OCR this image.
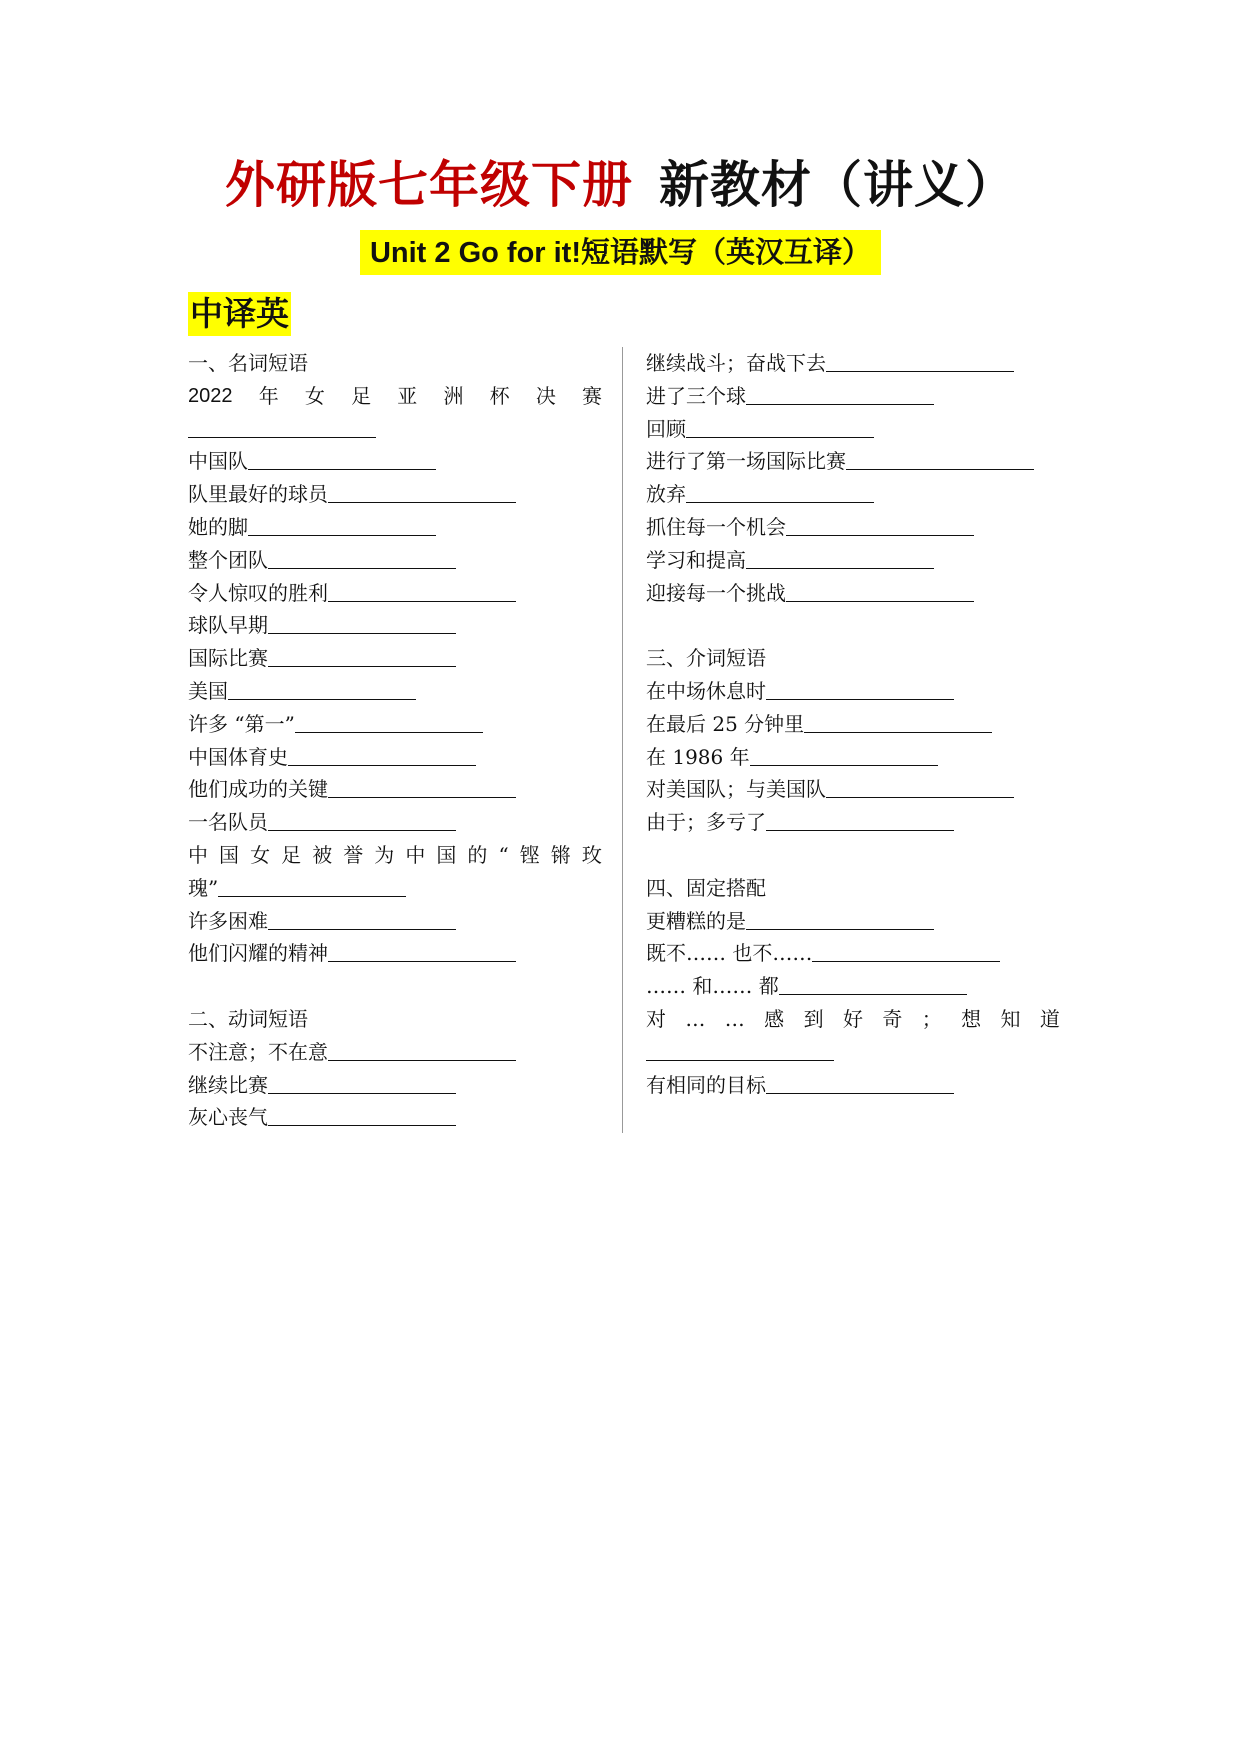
外研版七年级下册 新教材（讲义）
Unit 2 Go for it!短语默写（英汉互译）
中译英
一、名词短语
2022 年 女 足 亚 洲 杯 决 赛
中国队
队里最好的球员
她的脚
整个团队
令人惊叹的胜利
球队早期
国际比赛
美国
许多 “第一”
中国体育史
他们成功的关键
一名队员
中 国 女 足 被 誉 为 中 国 的 “ 铿 锵 玫
瑰”
许多困难
他们闪耀的精神
二、动词短语
不注意；不在意
继续比赛
灰心丧气
继续战斗；奋战下去
进了三个球
回顾
进行了第一场国际比赛
放弃
抓住每一个机会
学习和提高
迎接每一个挑战
三、介词短语
在中场休息时
在最后 25 分钟里
在 1986 年
对美国队；与美国队
由于；多亏了
四、固定搭配
更糟糕的是
既不…… 也不……
…… 和…… 都
对 … … 感 到 好 奇 ； 想 知 道
有相同的目标
